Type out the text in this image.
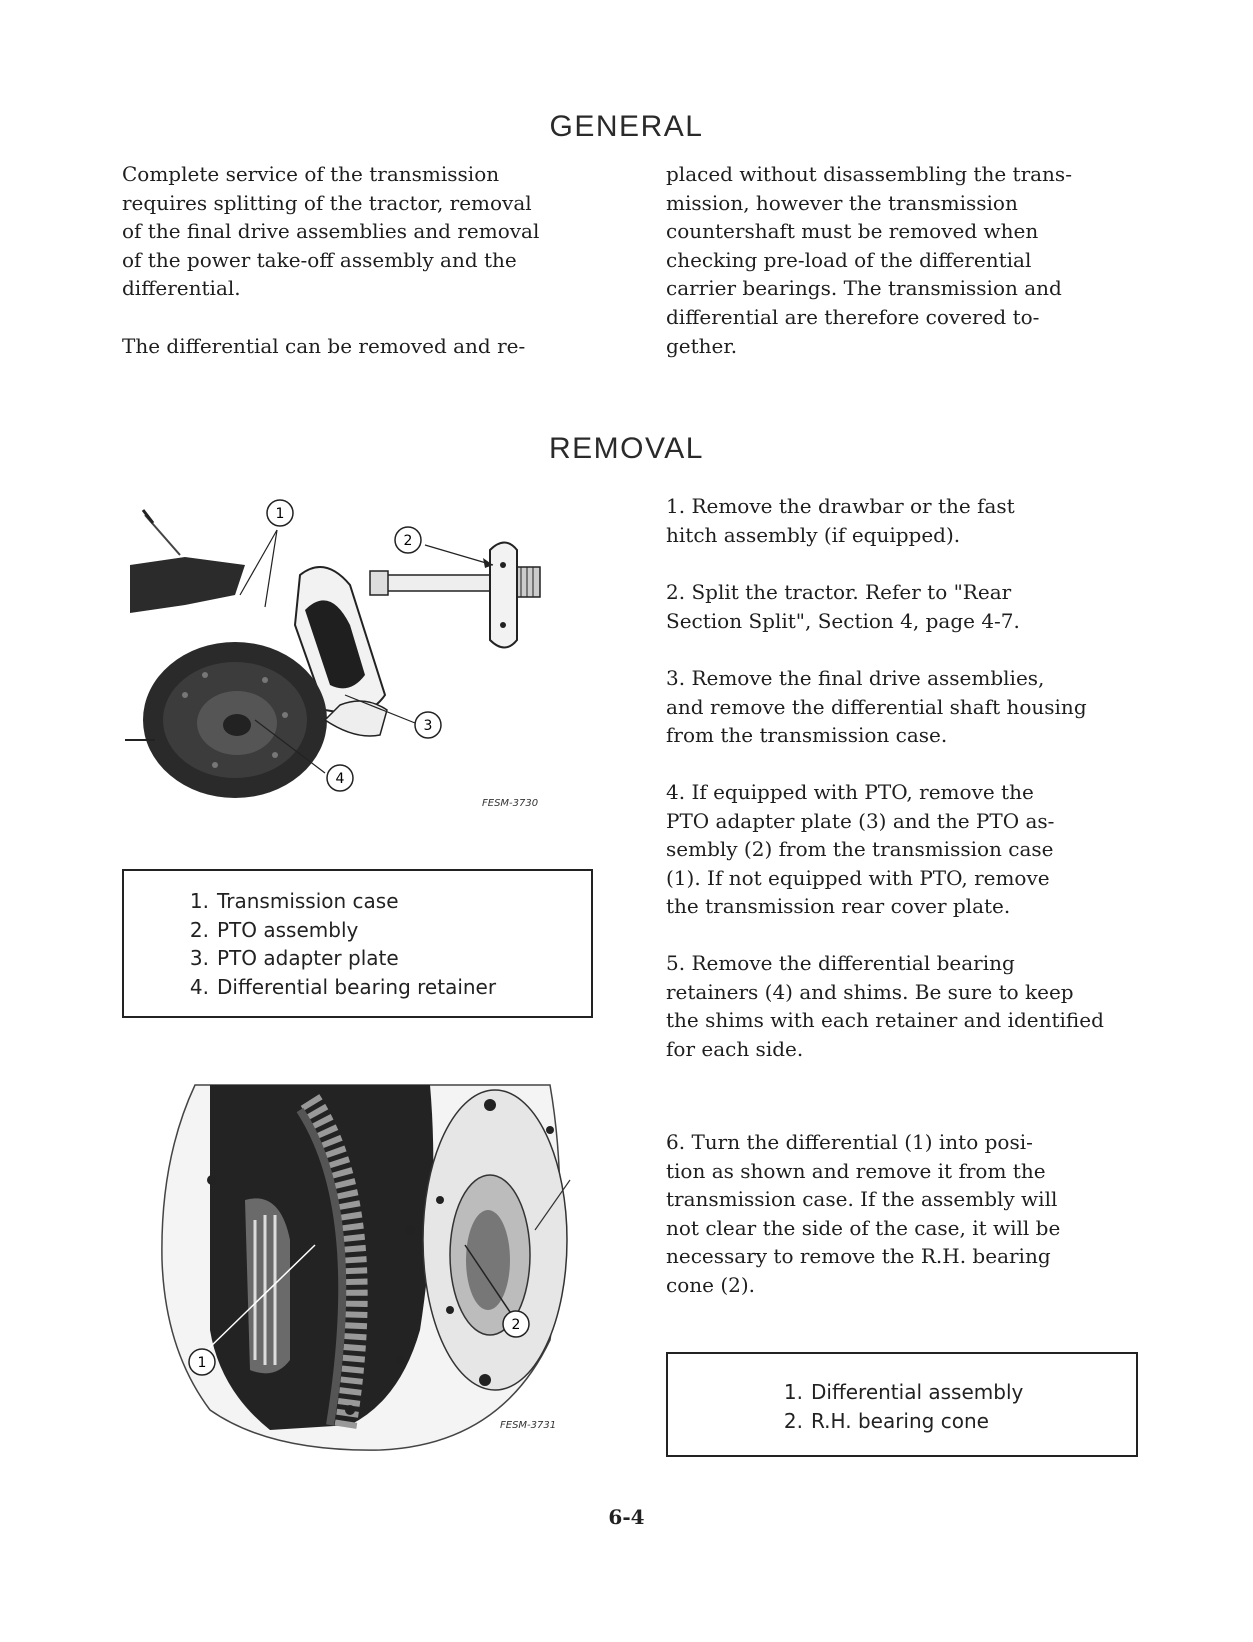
GENERAL

Complete service of the transmission
requires splitting of the tractor, removal
of the final drive assemblies and removal
of the power take-off assembly and the
differential.

The differential can be removed and re-

placed without disassembling the trans-
mission, however the transmission
countershaft must be removed when
checking pre-load of the differential
carrier bearings. The transmission and
differential are therefore covered to-
gether.

REMOVAL

1. Remove the drawbar or the fast
hitch assembly (if equipped).

2. Split the tractor. Refer to "Rear
Section Split", Section 4, page 4-7.

3. Remove the final drive assemblies,
and remove the differential shaft housing
from the transmission case.

4. If equipped with PTO, remove the
PTO adapter plate (3) and the PTO as-
sembly (2) from the transmission case
(1). If not equipped with PTO, remove
the transmission rear cover plate.

5. Remove the differential bearing
retainers (4) and shims. Be sure to keep
the shims with each retainer and identified
for each side.

6. Turn the differential (1) into posi-
tion as shown and remove it from the
transmission case. If the assembly will
not clear the side of the case, it will be
necessary to remove the R.H. bearing
cone (2).

1
2
3
4
FESM-3730
1. Transmission case
2. PTO assembly
3. PTO adapter plate
4. Differential bearing retainer
1
2
FESM-3731
1. Differential assembly
2. R.H. bearing cone
6-4
